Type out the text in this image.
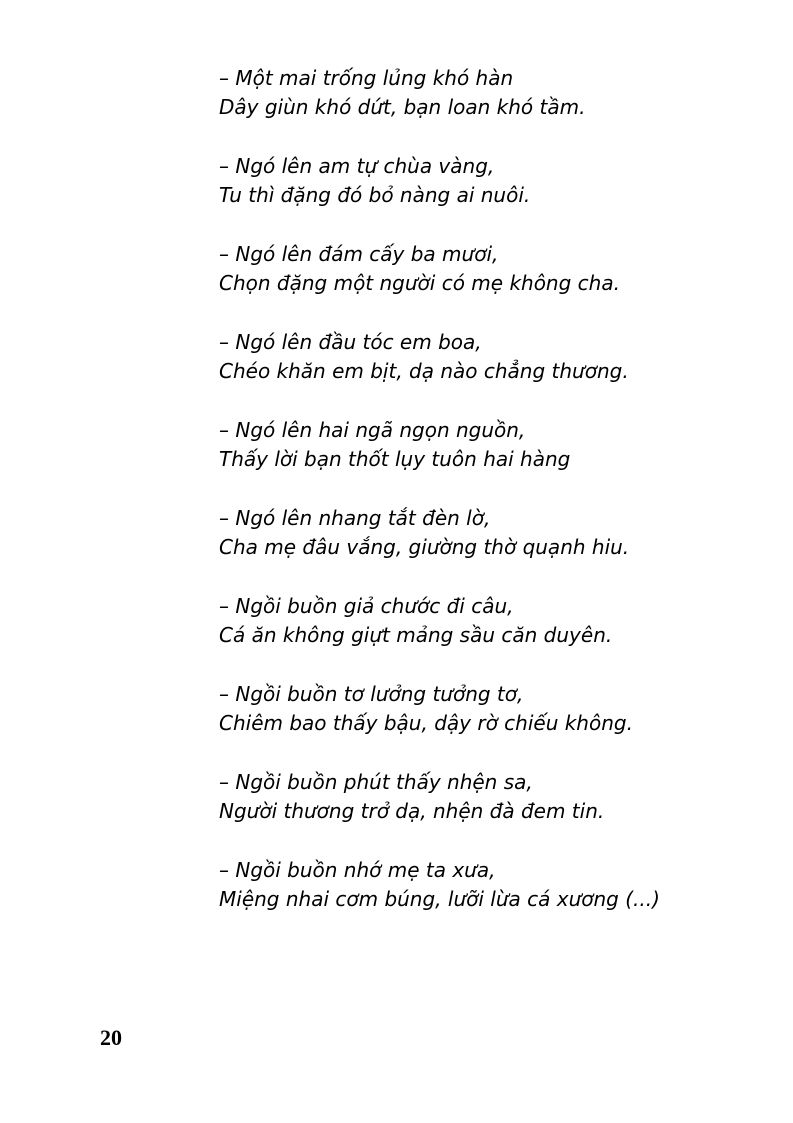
– Một mai trống lủng khó hàn
Dây giùn khó dứt, bạn loan khó tầm.
– Ngó lên am tự chùa vàng,
Tu thì đặng đó bỏ nàng ai nuôi.
– Ngó lên đám cấy ba mươi,
Chọn đặng một người có mẹ không cha.
– Ngó lên đầu tóc em boa,
Chéo khăn em bịt, dạ nào chẳng thương.
– Ngó lên hai ngã ngọn nguồn,
Thấy lời bạn thốt lụy tuôn hai hàng
– Ngó lên nhang tắt đèn lờ,
Cha mẹ đâu vắng, giường thờ quạnh hiu.
– Ngồi buồn giả chước đi câu,
Cá ăn không giựt mảng sầu căn duyên.
– Ngồi buồn tơ lưởng tưởng tơ,
Chiêm bao thấy bậu, dậy rờ chiếu không.
– Ngồi buồn phút thấy nhện sa,
Người thương trở dạ, nhện đà đem tin.
– Ngồi buồn nhớ mẹ ta xưa,
Miệng nhai cơm búng, lưỡi lừa cá xương (...)
20
